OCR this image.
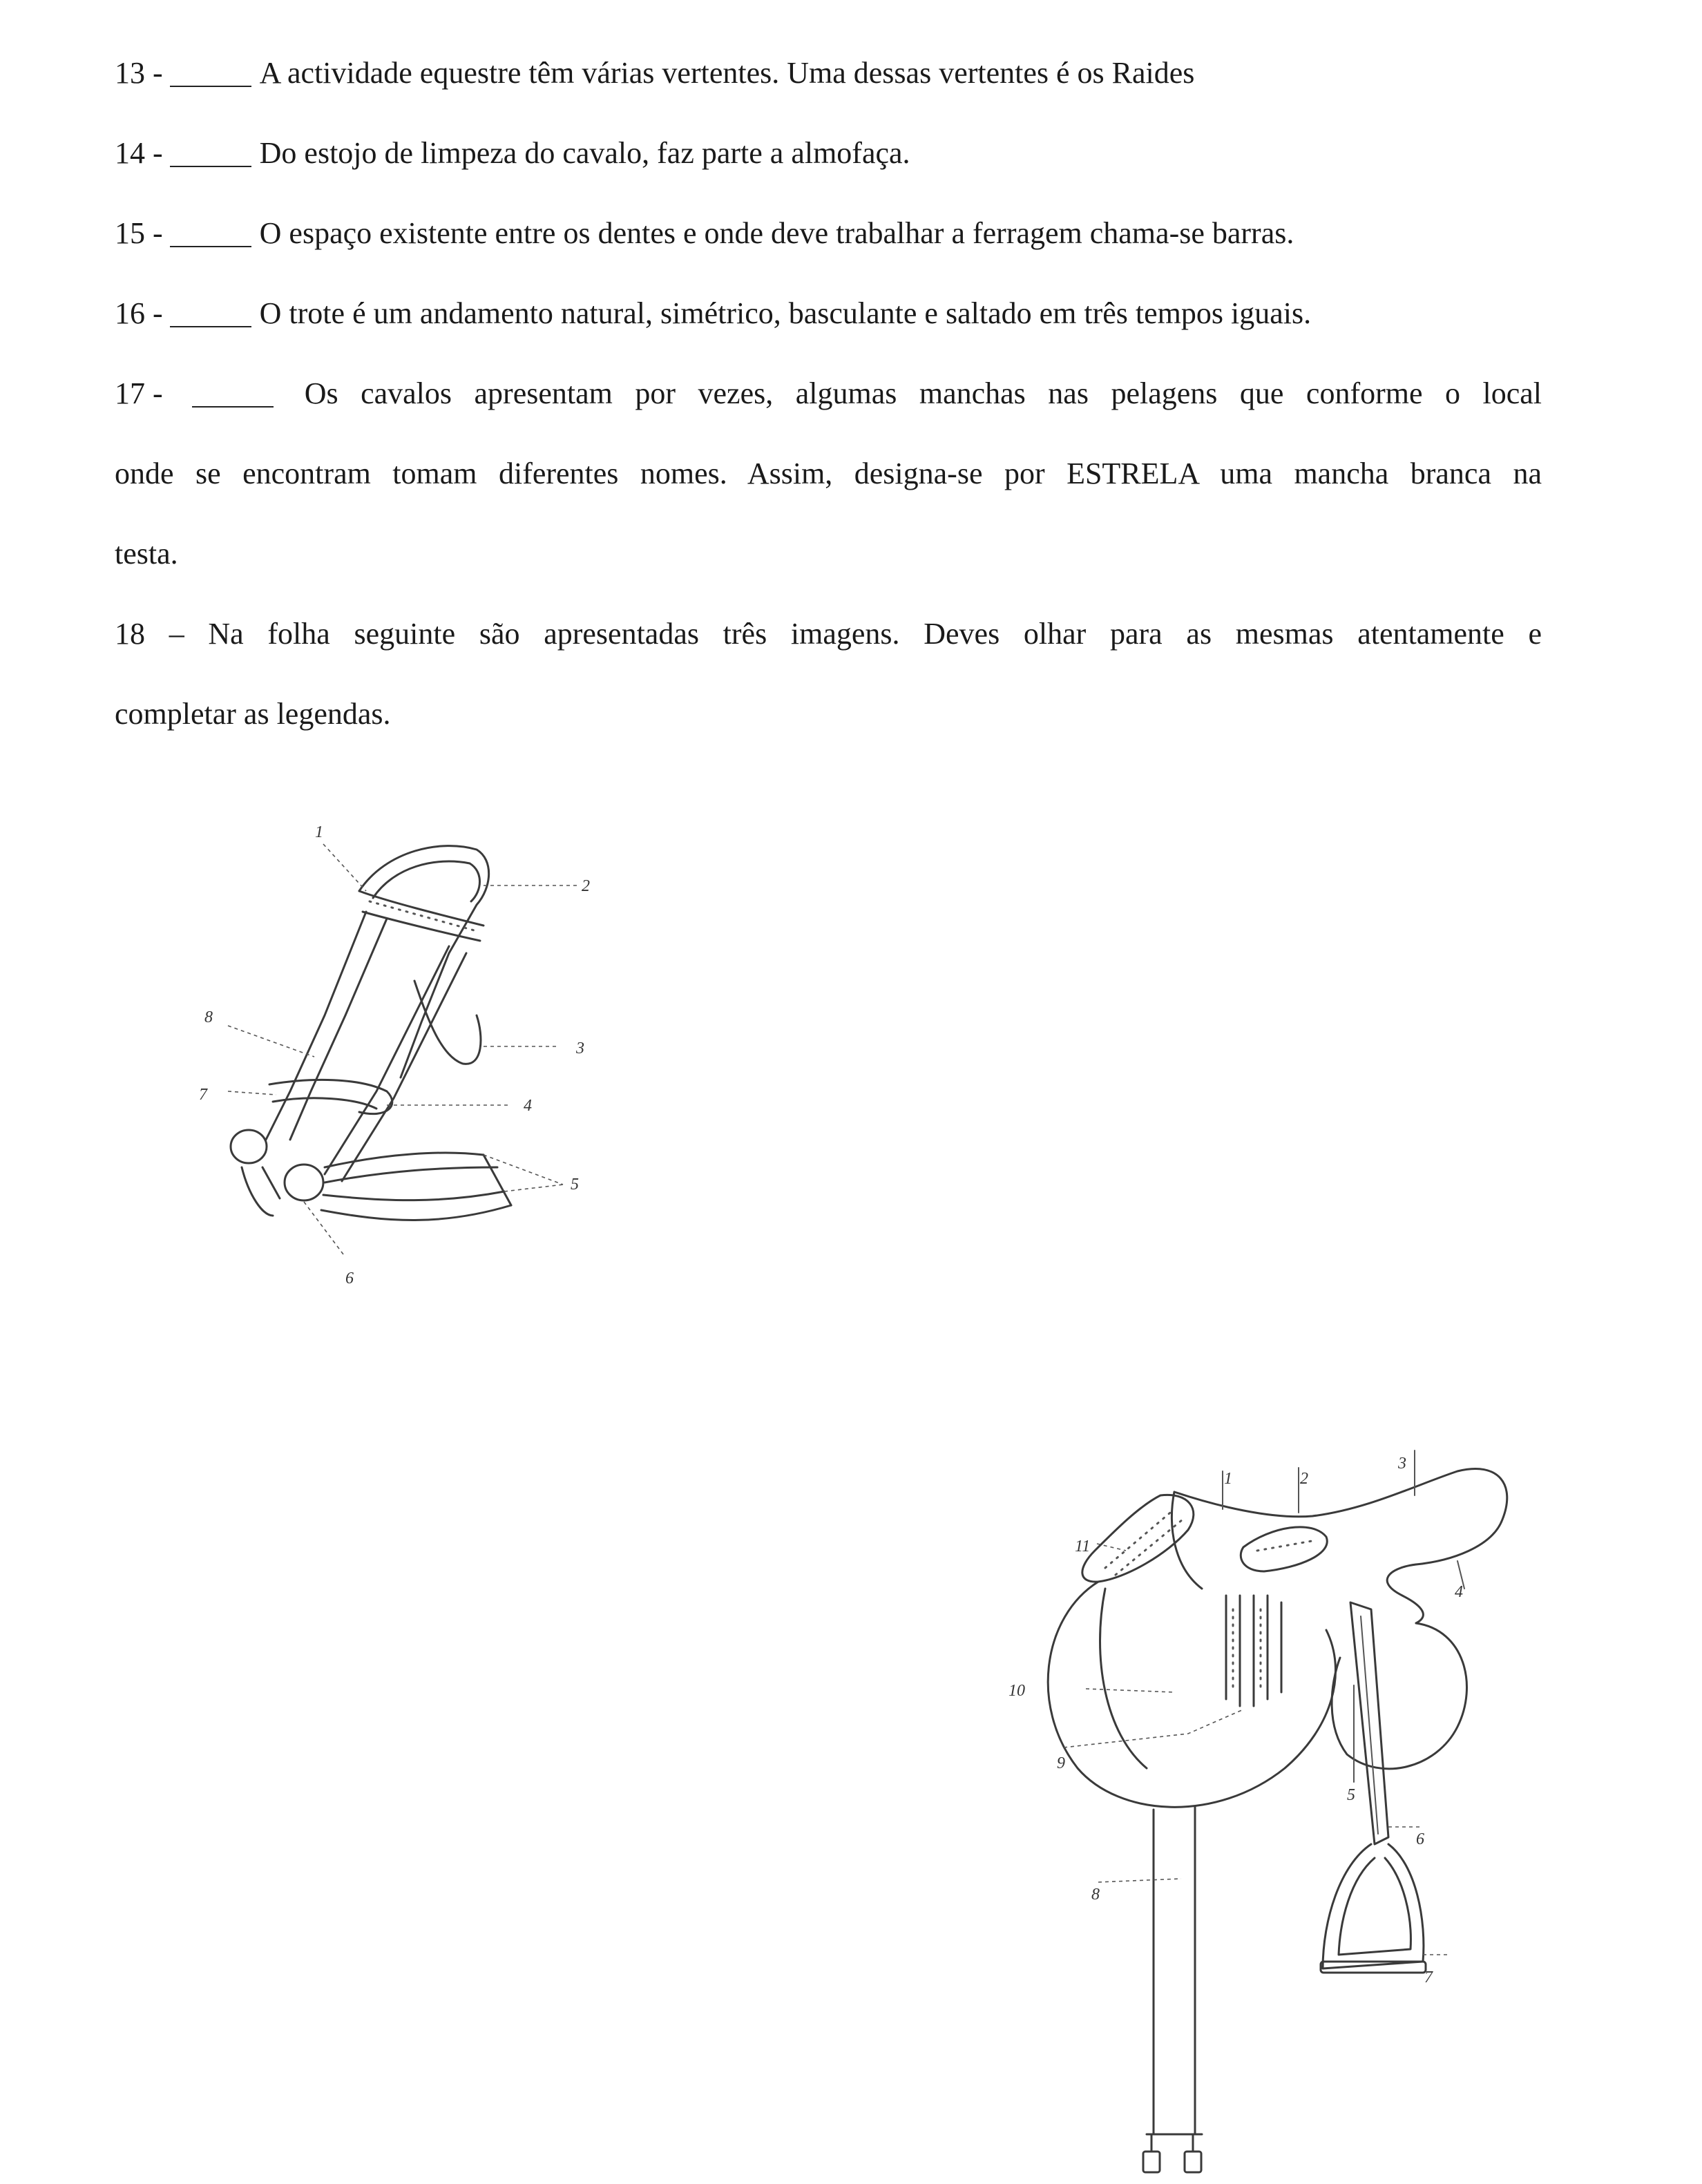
13 -	A actividade equestre têm várias vertentes. Uma dessas vertentes é os Raides
14 -	Do estojo de limpeza do cavalo, faz parte a almofaça.
15 -	O espaço existente entre os dentes e onde deve trabalhar a ferragem chama-se barras.
16 -	O trote é um andamento natural, simétrico, basculante e saltado em três tempos iguais.
17 -	Os cavalos apresentam por vezes, algumas manchas nas pelagens que conforme o local
onde se encontram tomam diferentes nomes. Assim, designa-se por ESTRELA uma mancha branca na
testa.
18 – Na folha seguinte são apresentadas três imagens. Deves olhar para as mesmas atentamente e
completar as legendas.
1
2
3
4
5
6
7
8
1	2
3
4
5
6
7
8
9
10
11
